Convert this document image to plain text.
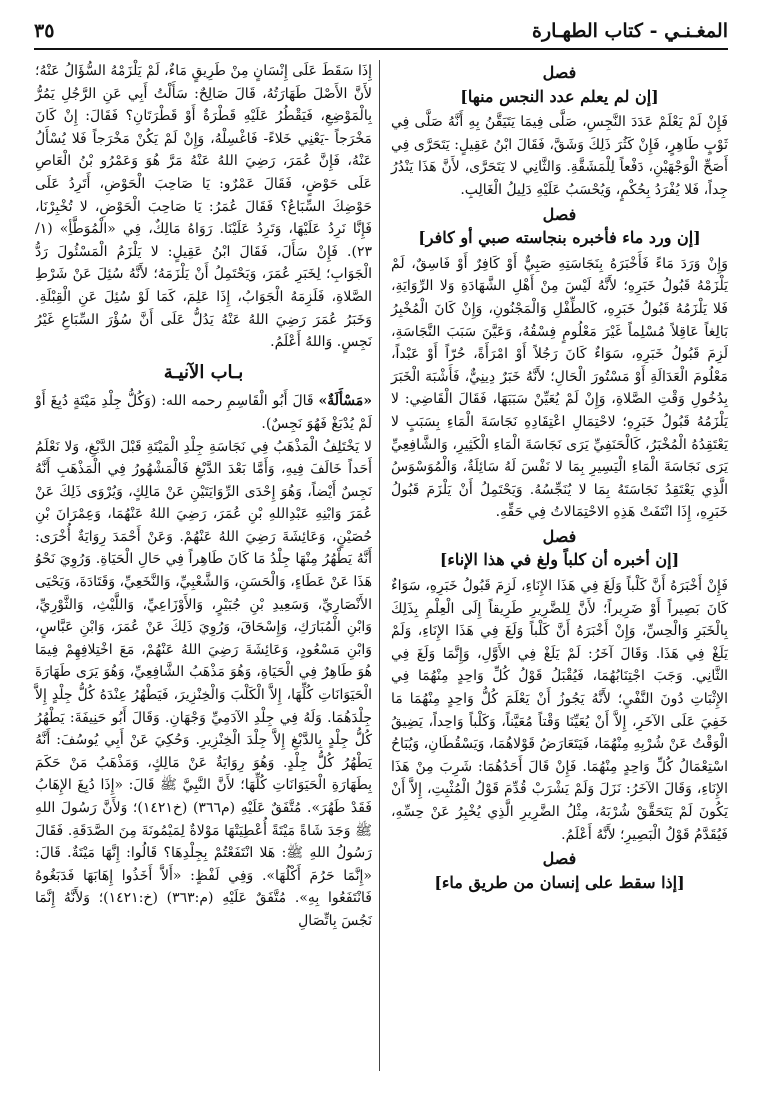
المغـنـي - كتاب الطهـارة
٣٥
فصل
[إن لم يعلم عدد النجس منها]

فَإِنْ لَمْ يَعْلَمْ عَدَدَ النَّجِسِ، صَلَّى فِيمَا يَتَيَقَّنُ بِهِ أَنَّهُ صَلَّى فِي ثَوْبٍ طَاهِرٍ، فَإِنْ كَثُرَ ذَلِكَ وَشَقَّ، فَقَالَ ابْنُ عَقِيلٍ: يَتَحَرَّى فِي أَصَحِّ الْوَجْهَيْنِ، دَفْعاً لِلْمَشَقَّةِ. وَالثَّانِي لا يَتَحَرَّى، لأَنَّ هَذَا يَنْدُرُ جِداً، فَلا يُفْرَدُ بِحُكْمٍ، وَيُحْسَبُ عَلَيْهِ دَلِيلُ الْغَالِبِ.

فصل
[إن ورد ماء فأخبره بنجاسته صبي أو كافر]

وَإِنْ وَرَدَ مَاءً فَأَخْبَرَهُ بِنَجَاسَتِهِ صَبِيٌّ أَوْ كَافِرٌ أَوْ فَاسِقٌ، لَمْ يَلْزَمْهُ قَبُولُ خَبَرِهِ؛ لأَنَّهُ لَيْسَ مِنْ أَهْلِ الشَّهَادَةِ وَلا الرِّوَايَةِ، فَلا يَلْزَمُهُ قَبُولُ خَبَرِهِ، كَالطِّفْلِ وَالْمَجْنُونِ، وَإِنْ كَانَ الْمُخْبِرُ بَالِغاً عَاقِلاً مُسْلِماً غَيْرَ مَعْلُومٍ فِسْقُهُ، وَعَيَّنَ سَبَبَ النَّجَاسَةِ، لَزِمَ قَبُولُ خَبَرِهِ، سَوَاءٌ كَانَ رَجُلاً أَوْ امْرَأَةً، حُرّاً أَوْ عَبْداً، مَعْلُومَ الْعَدَالَةِ أَوْ مَسْتُورَ الْحَالِ؛ لأَنَّهُ خَبَرٌ دِينِيٌّ، فَأَشْبَهَ الْخَبَرَ بِدُخُولِ وَقْتِ الصَّلاةِ، وَإِنْ لَمْ يُعَيِّنْ سَبَبَهَا، فَقَالَ الْقَاضِي: لا يَلْزَمُهُ قَبُولُ خَبَرِهِ؛ لاحْتِمَالِ اعْتِقَادِهِ نَجَاسَةَ الْمَاءِ بِسَبَبٍ لا يَعْتَقِدُهُ الْمُخْبَرُ، كَالْحَنَفِيِّ يَرَى نَجَاسَةَ الْمَاءِ الْكَثِيرِ، وَالشَّافِعِيِّ يَرَى نَجَاسَةَ الْمَاءِ الْيَسِيرِ بِمَا لا نَفْسَ لَهُ سَائِلَةٌ، وَالْمُوَسْوَسُ الَّذِي يَعْتَقِدُ نَجَاسَتَهُ بِمَا لا يُنَجِّسُهُ. وَيَحْتَمِلُ أَنْ يَلْزَمَ قَبُولُ خَبَرِهِ، إِذَا انْتَفَتْ هَذِهِ الاحْتِمَالاتُ فِي حَقِّهِ.

فصل
[إن أخبره أن كلباً ولغ في هذا الإناء]

فَإِنْ أَخْبَرَهُ أَنَّ كَلْباً وَلَغَ فِي هَذَا الإِنَاءِ، لَزِمَ قَبُولُ خَبَرِهِ، سَوَاءٌ كَانَ بَصِيراً أَوْ ضَرِيراً؛ لأَنَّ لِلضَّرِيرِ طَرِيقاً إِلَى الْعِلْمِ بِذَلِكَ بِالْخَبَرِ وَالْحِسِّ، وَإِنْ أَخْبَرَهُ أَنَّ كَلْباً وَلَغَ فِي هَذَا الإِنَاءِ، وَلَمْ يَلَغْ فِي هَذَا. وَقَالَ آخَرُ: لَمْ يَلَغْ فِي الأَوَّلِ، وَإِنَّمَا وَلَغَ فِي الثَّانِي. وَجَبَ اجْتِنَابُهُمَا، فَيُقْبَلُ قَوْلُ كُلِّ وَاحِدٍ مِنْهُمَا فِي الإِثْبَاتِ دُونَ النَّفْيِ؛ لأَنَّهُ يَجُوزُ أَنْ يَعْلَمَ كُلُّ وَاحِدٍ مِنْهُمَا مَا خَفِيَ عَلَى الآخَرِ، إِلاَّ أَنْ يُعَيِّنَا وَقْتاً مُعَيَّناً، وَكَلْباً وَاحِداً، يَضِيقُ الْوَقْتُ عَنْ شُرْبِهِ مِنْهُمَا، فَيَتَعَارَضُ قَوْلاهُمَا، وَيَسْقُطَانِ، وَيُبَاحُ اسْتِعْمَالُ كُلِّ وَاحِدٍ مِنْهُمَا. فَإِنْ قَالَ أَحَدُهُمَا: شَرِبَ مِنْ هَذَا الإِنَاءِ، وَقَالَ الآخَرُ: نَزَلَ وَلَمْ يَشْرَبْ قُدِّمَ قَوْلُ الْمُثْبِتِ، إِلاَّ أَنْ يَكُونَ لَمْ يَتَحَقَّقْ شُرْبَهُ، مِثْلُ الضَّرِيرِ الَّذِي يُخْبِرُ عَنْ حِسِّهِ، فَيُقَدَّمُ قَوْلُ الْبَصِيرِ؛ لأَنَّهُ أَعْلَمُ.

فصل
[إذا سقط على إنسان من طريق ماء]

إِذَا سَقَطَ عَلَى إِنْسَانٍ مِنْ طَرِيقٍ مَاءٌ، لَمْ يَلْزَمْهُ السُّؤَالُ عَنْهُ؛ لأَنَّ الأَصْلَ طَهَارَتُهُ، قَالَ صَالِحٌ: سَأَلْتُ أَبِي عَنِ الرَّجُلِ يَمُرُّ بِالْمَوْضِعِ، فَيَقْطُرُ عَلَيْهِ قَطْرَةٌ أَوْ قَطْرَتَانِ؟ فَقَالَ: إِنْ كَانَ مَخْرَجاً -يَعْنِي خَلاءً- فَاغْسِلْهُ، وَإِنْ لَمْ يَكُنْ مَخْرَجاً فَلا يُسْأَلُ عَنْهُ، فَإِنَّ عُمَرَ، رَضِيَ اللهُ عَنْهُ مَرَّ هُوَ وَعَمْرُو بْنُ الْعَاصِ عَلَى حَوْضٍ، فَقَالَ عَمْرٌو: يَا صَاحِبَ الْحَوْضِ، أَتَرِدُ عَلَى حَوْضِكَ السِّبَاعُ؟ فَقَالَ عُمَرُ: يَا صَاحِبَ الْحَوْضِ، لا تُخْبِرْنَا، فَإِنَّا نَرِدُ عَلَيْهَا، وَتَرِدُ عَلَيْنَا. رَوَاهُ مَالِكٌ، فِي «الْمُوَطَّأِ» (١/ ٢٣). فَإِنْ سَأَلَ، فَقَالَ ابْنُ عَقِيلٍ: لا يَلْزَمُ الْمَسْئُولَ رَدُّ الْجَوَابِ؛ لِخَبَرِ عُمَرَ، وَيَحْتَمِلُ أَنْ يَلْزَمَهُ؛ لأَنَّهُ سُئِلَ عَنْ شَرْطِ الصَّلاةِ، فَلَزِمَهُ الْجَوَابُ، إِذَا عَلِمَ، كَمَا لَوْ سُئِلَ عَنِ الْقِبْلَةِ. وَخَبَرُ عُمَرَ رَضِيَ اللهُ عَنْهُ يَدُلُّ عَلَى أَنَّ سُؤْرَ السِّبَاعِ غَيْرُ نَجِسٍ. وَاللهُ أَعْلَمُ.

بـاب الآنيـة

«مَسْأَلَةٌ» قَالَ أَبُو الْقَاسِمِ رحمه الله: (وَكُلُّ جِلْدِ مَيْتَةٍ دُبِغَ أَوْ لَمْ يُدْبَغْ فَهُوَ نَجِسٌ).

لا يَخْتَلِفُ الْمَذْهَبُ فِي نَجَاسَةِ جِلْدِ الْمَيْتَةِ قَبْلَ الدَّبْغِ، وَلا نَعْلَمُ أَحَداً خَالَفَ فِيهِ، وَأَمَّا بَعْدَ الدَّبْغِ فَالْمَشْهُورُ فِي الْمَذْهَبِ أَنَّهُ نَجِسٌ أَيْضاً، وَهُوَ إِحْدَى الرِّوَايَتَيْنِ عَنْ مَالِكٍ، وَيُرْوَى ذَلِكَ عَنْ عُمَرَ وَابْنِهِ عَبْدِاللهِ بْنِ عُمَرَ، رَضِيَ اللهُ عَنْهُمَا، وَعِمْرَانَ بْنِ حُصَيْنٍ، وَعَائِشَةَ رَضِيَ اللهُ عَنْهُمْ. وَعَنْ أَحْمَدَ رِوَايَةٌ أُخْرَى: أَنَّهُ يَطْهُرُ مِنْهَا جِلْدُ مَا كَانَ طَاهِراً فِي حَالِ الْحَيَاةِ. وَرُوِيَ نَحْوُ هَذَا عَنْ عَطَاءٍ، وَالْحَسَنِ، وَالشَّعْبِيِّ، وَالنَّخَعِيِّ، وَقَتَادَةَ، وَيَحْيَى الأَنْصَارِيِّ، وَسَعِيدِ بْنِ جُبَيْرٍ، وَالأَوْزَاعِيِّ، وَاللَّيْثِ، وَالثَّوْرِيِّ، وَابْنِ الْمُبَارَكِ، وَإِسْحَاقَ، وَرُوِيَ ذَلِكَ عَنْ عُمَرَ، وَابْنِ عَبَّاسٍ، وَابْنِ مَسْعُودٍ، وَعَائِشَةَ رَضِيَ اللهُ عَنْهُمْ، مَعَ اخْتِلافِهِمْ فِيمَا هُوَ طَاهِرٌ فِي الْحَيَاةِ، وَهُوَ مَذْهَبُ الشَّافِعِيِّ، وَهُوَ يَرَى طَهَارَةَ الْحَيَوَانَاتِ كُلِّهَا، إِلاَّ الْكَلْبَ وَالْخِنْزِيرَ، فَيَطْهُرُ عِنْدَهُ كُلُّ جِلْدٍ إِلاَّ جِلْدَهُمَا. وَلَهُ فِي جِلْدِ الآدَمِيِّ وَجْهَانِ. وَقَالَ أَبُو حَنِيفَةَ: يَطْهُرُ كُلُّ جِلْدٍ بِالدَّبْغِ إِلاَّ جِلْدَ الْخِنْزِيرِ. وَحُكِيَ عَنْ أَبِي يُوسُفَ: أَنَّهُ يَطْهُرُ كُلُّ جِلْدٍ. وَهُوَ رِوَايَةٌ عَنْ مَالِكٍ، وَمَذْهَبُ مَنْ حَكَمَ بِطَهَارَةِ الْحَيَوَانَاتِ كُلِّهَا؛ لأَنَّ النَّبِيَّ ﷺ قَالَ: «إِذَا دُبِغَ الإِهَابُ فَقَدْ طَهُرَ». مُتَّفَقٌ عَلَيْهِ (م٣٦٦) (خ١٤٢١)؛ وَلأَنَّ رَسُولَ اللهِ ﷺ وَجَدَ شَاةً مَيْتَةً أُعْطِيَتْهَا مَوْلاةٌ لِمَيْمُونَةَ مِنَ الصَّدَقَةِ. فَقَالَ رَسُولُ اللهِ ﷺ: هَلا انْتَفَعْتُمْ بِجِلْدِهَا؟ قَالُوا: إِنَّهَا مَيْتَةٌ. قَالَ: «إِنَّمَا حَرُمَ أَكْلُهَا». وَفِي لَفْظٍ: «أَلاَّ أَخَذُوا إِهَابَهَا فَدَبَغُوهُ فَانْتَفَعُوا بِهِ». مُتَّفَقٌ عَلَيْهِ (م:٣٦٣) (خ:١٤٢١)؛ وَلأَنَّهُ إِنَّمَا نَجُسَ بِاتِّصَالِ
